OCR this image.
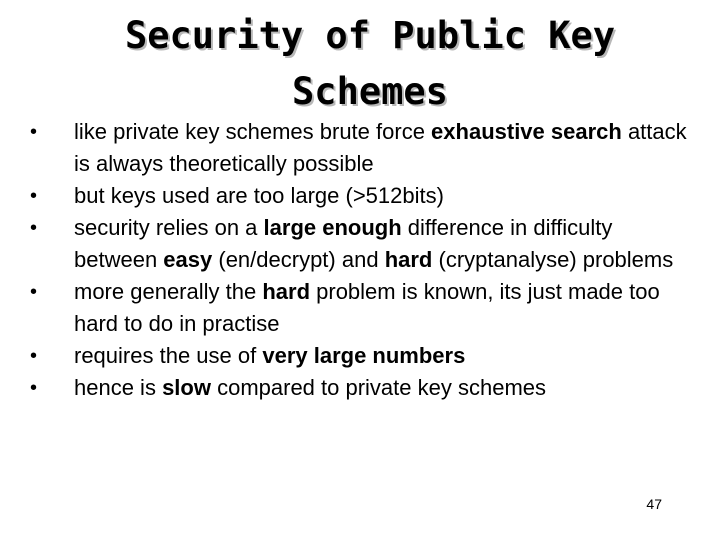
Security of Public Key
Schemes
•	like private key schemes brute force exhaustive search attack is always theoretically possible
•	but keys used are too large (>512bits)
•	security relies on a large enough difference in difficulty between easy (en/decrypt) and hard (cryptanalyse) problems
•	more generally the hard problem is known, its just made too hard to do in practise
•	requires the use of very large numbers
•	hence is slow compared to private key schemes
47
